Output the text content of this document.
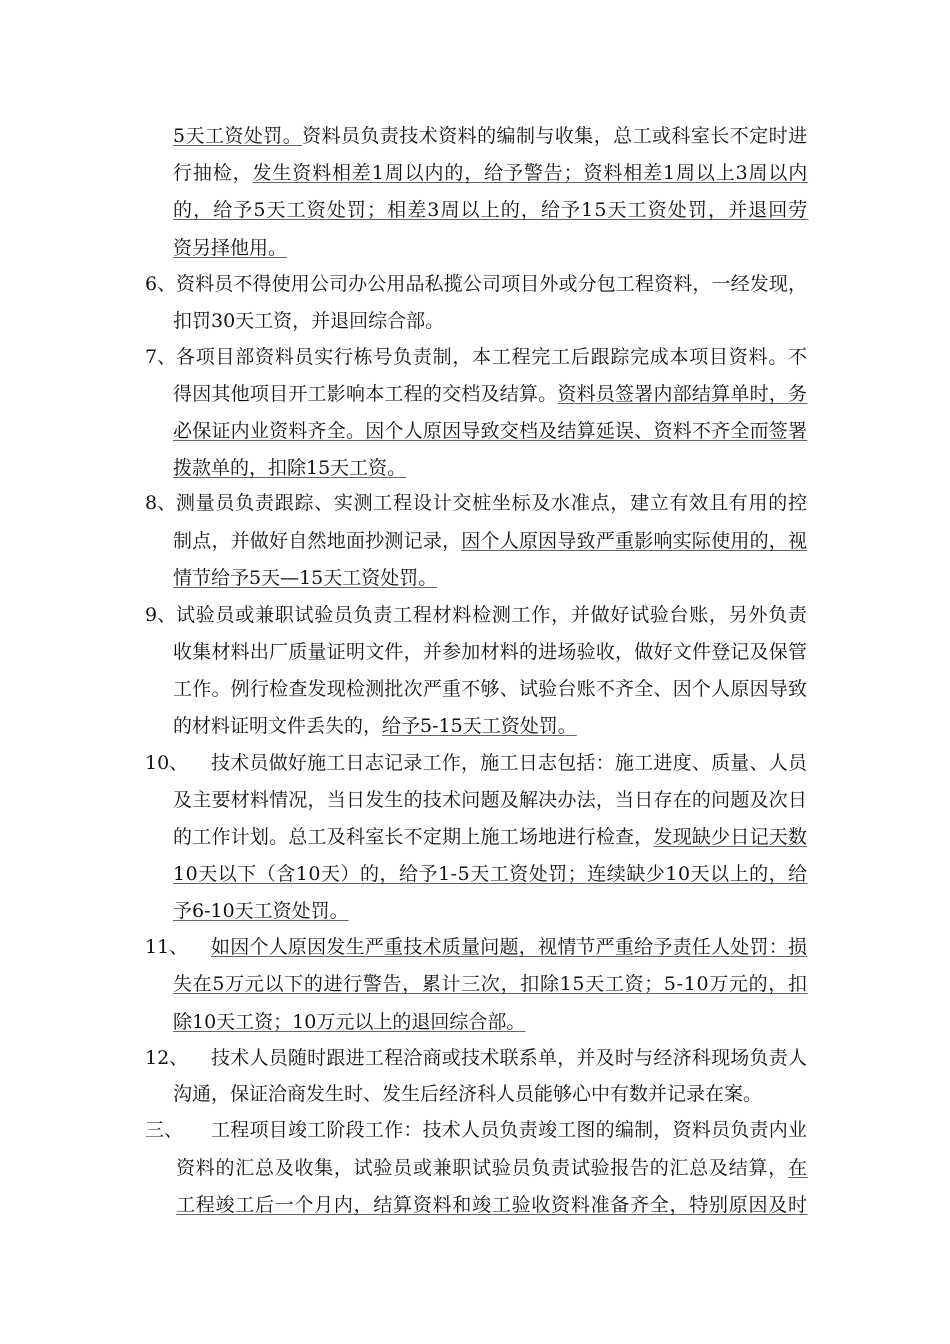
5天工资处罚。资料员负责技术资料的编制与收集，总工或科室长不定时进
行抽检，发生资料相差1周以内的，给予警告；资料相差1周以上3周以内
的，给予5天工资处罚；相差3周以上的，给予15天工资处罚，并退回劳
资另择他用。
6、 资料员不得使用公司办公用品私揽公司项目外或分包工程资料，一经发现，
扣罚30天工资，并退回综合部。
7、 各项目部资料员实行栋号负责制，本工程完工后跟踪完成本项目资料。不
得因其他项目开工影响本工程的交档及结算。资料员签署内部结算单时，务
必保证内业资料齐全。因个人原因导致交档及结算延误、资料不齐全而签署
拨款单的，扣除15天工资。
8、 测量员负责跟踪、实测工程设计交桩坐标及水准点，建立有效且有用的控
制点，并做好自然地面抄测记录，因个人原因导致严重影响实际使用的，视
情节给予5天—15天工资处罚。
9、 试验员或兼职试验员负责工程材料检测工作，并做好试验台账，另外负责
收集材料出厂质量证明文件，并参加材料的进场验收，做好文件登记及保管
工作。例行检查发现检测批次严重不够、试验台账不齐全、因个人原因导致
的材料证明文件丢失的，给予5-15天工资处罚。
10、 技术员做好施工日志记录工作，施工日志包括：施工进度、质量、人员
及主要材料情况，当日发生的技术问题及解决办法，当日存在的问题及次日
的工作计划。总工及科室长不定期上施工场地进行检查，发现缺少日记天数
10天以下（含10天）的，给予1-5天工资处罚；连续缺少10天以上的，给
予6-10天工资处罚。
11、 如因个人原因发生严重技术质量问题，视情节严重给予责任人处罚：损
失在5万元以下的进行警告，累计三次，扣除15天工资；5-10万元的，扣
除10天工资；10万元以上的退回综合部。
12、 技术人员随时跟进工程洽商或技术联系单，并及时与经济科现场负责人
沟通，保证洽商发生时、发生后经济科人员能够心中有数并记录在案。
三、 工程项目竣工阶段工作：技术人员负责竣工图的编制，资料员负责内业
资料的汇总及收集，试验员或兼职试验员负责试验报告的汇总及结算，在
工程竣工后一个月内，结算资料和竣工验收资料准备齐全，特别原因及时
